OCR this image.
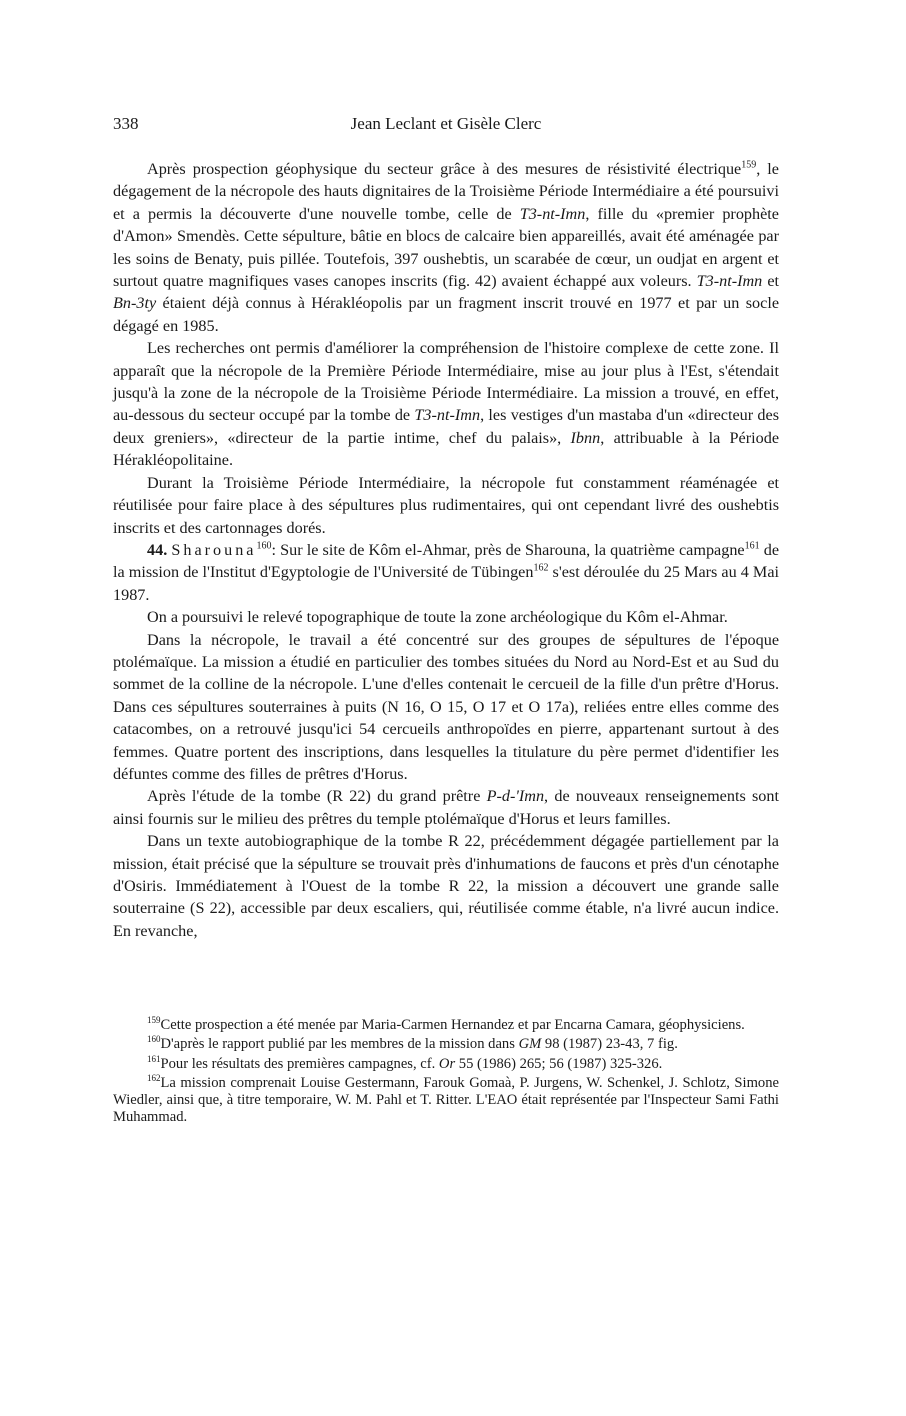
338	Jean Leclant et Gisèle Clerc

Après prospection géophysique du secteur grâce à des mesures de résistivité électrique$^{159}$, le dégagement de la nécropole des hauts dignitaires de la Troisième Période Intermédiaire a été poursuivi et a permis la découverte d'une nouvelle tombe, celle de T3-nt-Imn, fille du «premier prophète d'Amon» Smendès. Cette sépulture, bâtie en blocs de calcaire bien appareillés, avait été aménagée par les soins de Benaty, puis pillée. Toutefois, 397 oushebtis, un scarabée de cœur, un oudjat en argent et surtout quatre magnifiques vases canopes inscrits (fig. 42) avaient échappé aux voleurs. T3-nt-Imn et Bn-3ty étaient déjà connus à Hérakléopolis par un fragment inscrit trouvé en 1977 et par un socle dégagé en 1985.

Les recherches ont permis d'améliorer la compréhension de l'histoire complexe de cette zone. Il apparaît que la nécropole de la Première Période Intermédiaire, mise au jour plus à l'Est, s'étendait jusqu'à la zone de la nécropole de la Troisième Période Intermédiaire. La mission a trouvé, en effet, au-dessous du secteur occupé par la tombe de T3-nt-Imn, les vestiges d'un mastaba d'un «directeur des deux greniers», «directeur de la partie intime, chef du palais», Ibnn, attribuable à la Période Hérakléopolitaine.

Durant la Troisième Période Intermédiaire, la nécropole fut constamment réaménagée et réutilisée pour faire place à des sépultures plus rudimentaires, qui ont cependant livré des oushebtis inscrits et des cartonnages dorés.

44. Sharouna$^{160}$: Sur le site de Kôm el-Ahmar, près de Sharouna, la quatrième campagne$^{161}$ de la mission de l'Institut d'Egyptologie de l'Université de Tübingen$^{162}$ s'est déroulée du 25 Mars au 4 Mai 1987.

On a poursuivi le relevé topographique de toute la zone archéologique du Kôm el-Ahmar.

Dans la nécropole, le travail a été concentré sur des groupes de sépultures de l'époque ptolémaïque. La mission a étudié en particulier des tombes situées du Nord au Nord-Est et au Sud du sommet de la colline de la nécropole. L'une d'elles contenait le cercueil de la fille d'un prêtre d'Horus. Dans ces sépultures souterraines à puits (N 16, O 15, O 17 et O 17a), reliées entre elles comme des catacombes, on a retrouvé jusqu'ici 54 cercueils anthropoïdes en pierre, appartenant surtout à des femmes. Quatre portent des inscriptions, dans lesquelles la titulature du père permet d'identifier les défuntes comme des filles de prêtres d'Horus.

Après l'étude de la tombe (R 22) du grand prêtre P-d-'Imn, de nouveaux renseignements sont ainsi fournis sur le milieu des prêtres du temple ptolémaïque d'Horus et leurs familles.

Dans un texte autobiographique de la tombe R 22, précédemment dégagée partiellement par la mission, était précisé que la sépulture se trouvait près d'inhumations de faucons et près d'un cénotaphe d'Osiris. Immédiatement à l'Ouest de la tombe R 22, la mission a découvert une grande salle souterraine (S 22), accessible par deux escaliers, qui, réutilisée comme étable, n'a livré aucun indice. En revanche,

$^{159}$Cette prospection a été menée par Maria-Carmen Hernandez et par Encarna Camara, géophysiciens.

$^{160}$D'après le rapport publié par les membres de la mission dans GM 98 (1987) 23-43, 7 fig.

$^{161}$Pour les résultats des premières campagnes, cf. Or 55 (1986) 265; 56 (1987) 325-326.

$^{162}$La mission comprenait Louise Gestermann, Farouk Gomaà, P. Jurgens, W. Schenkel, J. Schlotz, Simone Wiedler, ainsi que, à titre temporaire, W. M. Pahl et T. Ritter. L'EAO était représentée par l'Inspecteur Sami Fathi Muhammad.
